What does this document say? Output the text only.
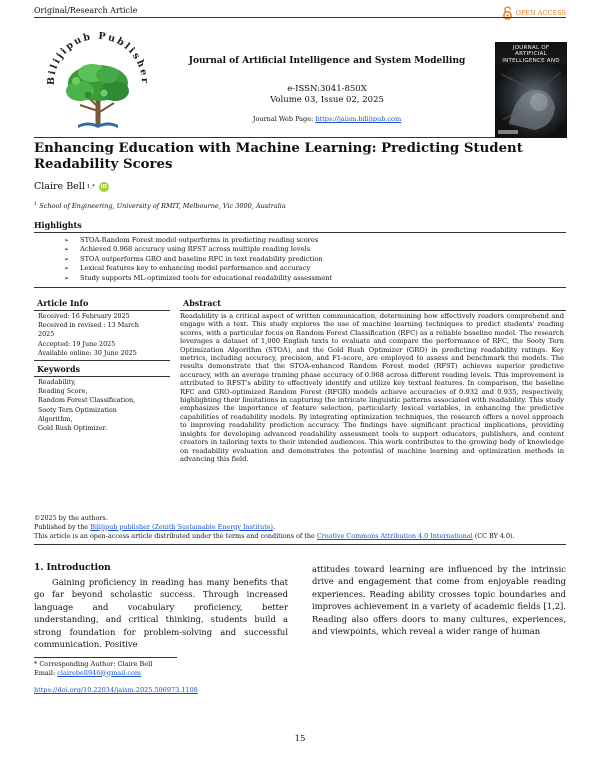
Original/Research Article	OPEN ACCESS
Bilijipub Publisher
Journal of Artificial Intelligence and System Modelling
e-ISSN:3041-850X
Volume 03, Issue 02, 2025
Journal Web Page: https://jaism.bilijipub.com
JOURNAL OF ARTIFICIAL INTELLIGENCE AND
Enhancing Education with Machine Learning: Predicting Student Readability Scores
Claire Bell 1,*	iD
$^1$ School of Engineering, University of RMIT, Melbourne, Vic 3000, Australia
Highlights
➢	STOA-Random Forest model outperforms in predicting reading scores
➢	Achieved 0.968 accuracy using RFST across multiple reading levels
➢	STOA outperforms GRO and baseline RFC in text readability prediction
➢	Lexical features key to enhancing model performance and accuracy
➢	Study supports ML-optimized tools for educational readability assessment
Article Info
Received: 16 February 2025
Received in revised : 13 March
2025
Accepted: 19 June 2025
Available online: 30 June 2025
Keywords
Readability,
Reading Score,
Random Forest Classification,
Sooty Tern Optimization
Algorithm,
Gold Rush Optimizer.
Abstract
Readability is a critical aspect of written communication, determining how effectively readers comprehend and engage with a text. This study explores the use of machine learning techniques to predict students' reading scores, with a particular focus on Random Forest Classification (RFC) as a reliable baseline model. The research leverages a dataset of 1,000 English texts to evaluate and compare the performance of RFC, the Sooty Tern Optimization Algorithm (STOA), and the Gold Rush Optimizer (GRO) in predicting readability ratings. Key metrics, including accuracy, precision, and F1-score, are employed to assess and benchmark the models. The results demonstrate that the STOA-enhanced Random Forest model (RFST) achieves superior predictive accuracy, with an average training phase accuracy of 0.968 across different reading levels. This improvement is attributed to RFST's ability to effectively identify and utilize key textual features. In comparison, the baseline RFC and GRO-optimized Random Forest (RFGR) models achieve accuracies of 0.932 and 0.935, respectively, highlighting their limitations in capturing the intricate linguistic patterns associated with readability. This study emphasizes the importance of feature selection, particularly lexical variables, in enhancing the predictive capabilities of readability models. By integrating optimization techniques, the research offers a novel approach to improving readability prediction accuracy. The findings have significant practical implications, providing insights for developing advanced readability assessment tools to support educators, publishers, and content creators in tailoring texts to their intended audiences. This work contributes to the growing body of knowledge on readability evaluation and demonstrates the potential of machine learning and optimization methods in advancing this field.
©2025 by the authors.
Published by the Bilijipub publisher (Zenith Sustainable Energy Institute).
This article is an open-access article distributed under the terms and conditions of the Creative Commons Attribution 4.0 International (CC BY 4.0).
1. Introduction
Gaining proficiency in reading has many benefits that go far beyond scholastic success. Through increased language and vocabulary proficiency, better understanding, and critical thinking, students build a strong foundation for problem-solving and successful communication. Positive
attitudes toward learning are influenced by the intrinsic drive and engagement that come from enjoyable reading experiences. Reading ability crosses topic boundaries and improves achievement in a variety of academic fields [1,2]. Reading also offers doors to many cultures, experiences, and viewpoints, which reveal a wider range of human
* Corresponding Author: Claire Bell
Email: clairebell946@gmail.com
https://doi.org/10.22034/jaism.2025.506973.1108
15
